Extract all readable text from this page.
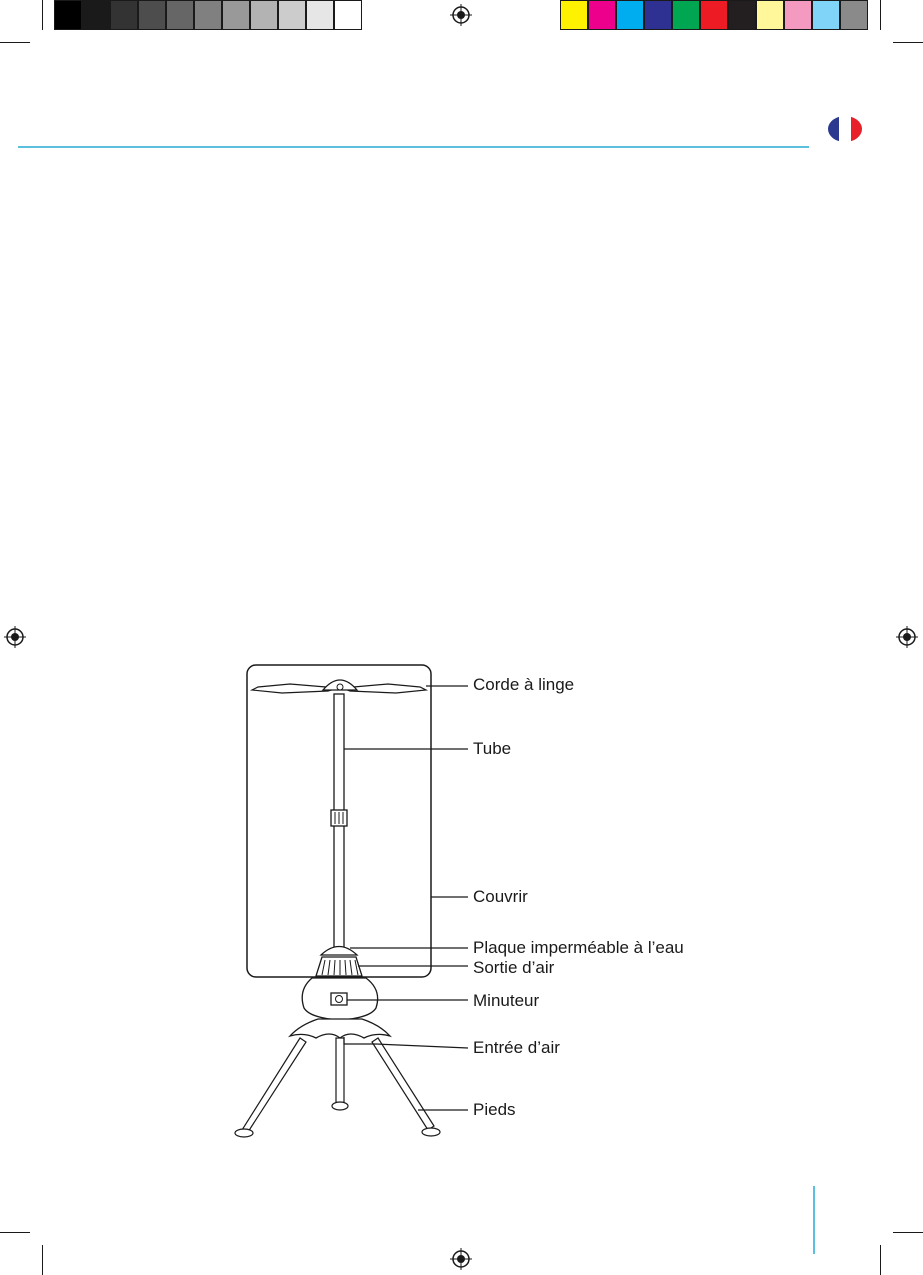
Corde à linge
Tube
Couvrir
Plaque imperméable à l’eau
Sortie d’air
Minuteur
Entrée d’air
Pieds
